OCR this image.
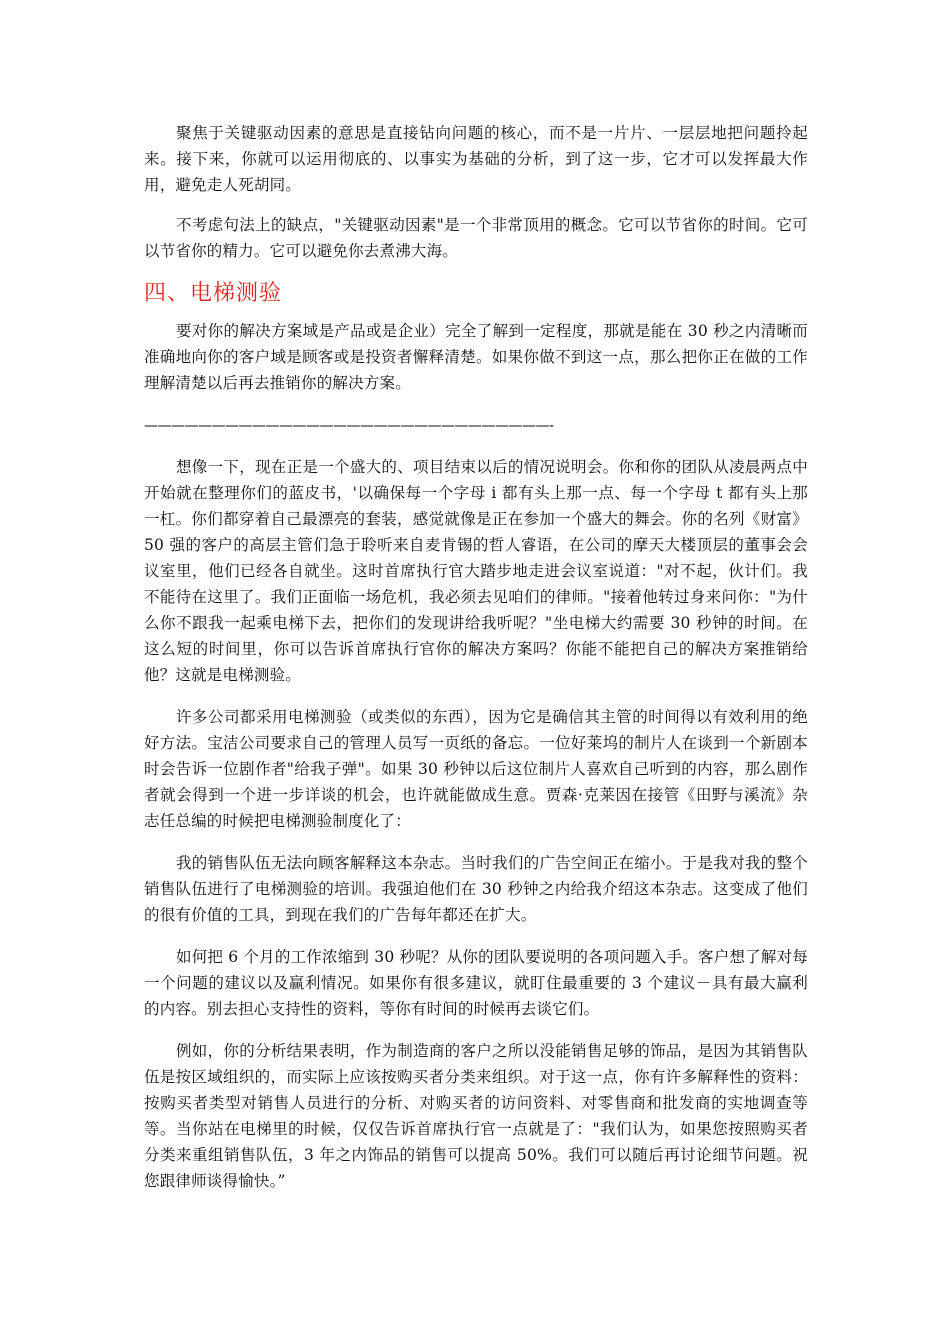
聚焦于关键驱动因素的意思是直接钻向问题的核心，而不是一片片、一层层地把问题拎起来。接下来，你就可以运用彻底的、以事实为基础的分析，到了这一步，它才可以发挥最大作用，避免走人死胡同。

不考虑句法上的缺点，"关键驱动因素"是一个非常顶用的概念。它可以节省你的时间。它可以节省你的精力。它可以避免你去煮沸大海。

四、电梯测验

要对你的解决方案域是产品或是企业）完全了解到一定程度，那就是能在 30 秒之内清晰而准确地向你的客户域是顾客或是投资者懈释清楚。如果你做不到这一点，那么把你正在做的工作理解清楚以后再去推销你的解决方案。

——————————————————————————————-

想像一下，现在正是一个盛大的、项目结束以后的情况说明会。你和你的团队从凌晨两点中开始就在整理你们的蓝皮书，'以确保每一个字母 i 都有头上那一点、每一个字母 t 都有头上那一杠。你们都穿着自己最漂亮的套装，感觉就像是正在参加一个盛大的舞会。你的名列《财富》50 强的客户的高层主管们急于聆听来自麦肯锡的哲人睿语，在公司的摩天大楼顶层的董事会会议室里，他们已经各自就坐。这时首席执行官大踏步地走进会议室说道："对不起，伙计们。我不能待在这里了。我们正面临一场危机，我必须去见咱们的律师。"接着他转过身来问你："为什么你不跟我一起乘电梯下去，把你们的发现讲给我听呢？"坐电梯大约需要 30 秒钟的时间。在这么短的时间里，你可以告诉首席执行官你的解决方案吗？你能不能把自己的解决方案推销给他？这就是电梯测验。

许多公司都采用电梯测验（或类似的东西），因为它是确信其主管的时间得以有效利用的绝好方法。宝洁公司要求自己的管理人员写一页纸的备忘。一位好莱坞的制片人在谈到一个新剧本时会告诉一位剧作者"给我子弹"。如果 30 秒钟以后这位制片人喜欢自己听到的内容，那么剧作者就会得到一个进一步详谈的机会，也许就能做成生意。贾森·克莱因在接管《田野与溪流》杂志任总编的时候把电梯测验制度化了：

我的销售队伍无法向顾客解释这本杂志。当时我们的广告空间正在缩小。于是我对我的整个销售队伍进行了电梯测验的培训。我强迫他们在 30 秒钟之内给我介绍这本杂志。这变成了他们的很有价值的工具，到现在我们的广告每年都还在扩大。

如何把 6 个月的工作浓缩到 30 秒呢？从你的团队要说明的各项问题入手。客户想了解对每一个问题的建议以及赢利情况。如果你有很多建议，就盯住最重要的 3 个建议－具有最大赢利的内容。别去担心支持性的资料，等你有时间的时候再去谈它们。

例如，你的分析结果表明，作为制造商的客户之所以没能销售足够的饰品，是因为其销售队伍是按区域组织的，而实际上应该按购买者分类来组织。对于这一点，你有许多解释性的资料：按购买者类型对销售人员进行的分析、对购买者的访问资料、对零售商和批发商的实地调查等等。当你站在电梯里的时候，仅仅告诉首席执行官一点就是了："我们认为，如果您按照购买者分类来重组销售队伍，3 年之内饰品的销售可以提高 50%。我们可以随后再讨论细节问题。祝您跟律师谈得愉快。”
